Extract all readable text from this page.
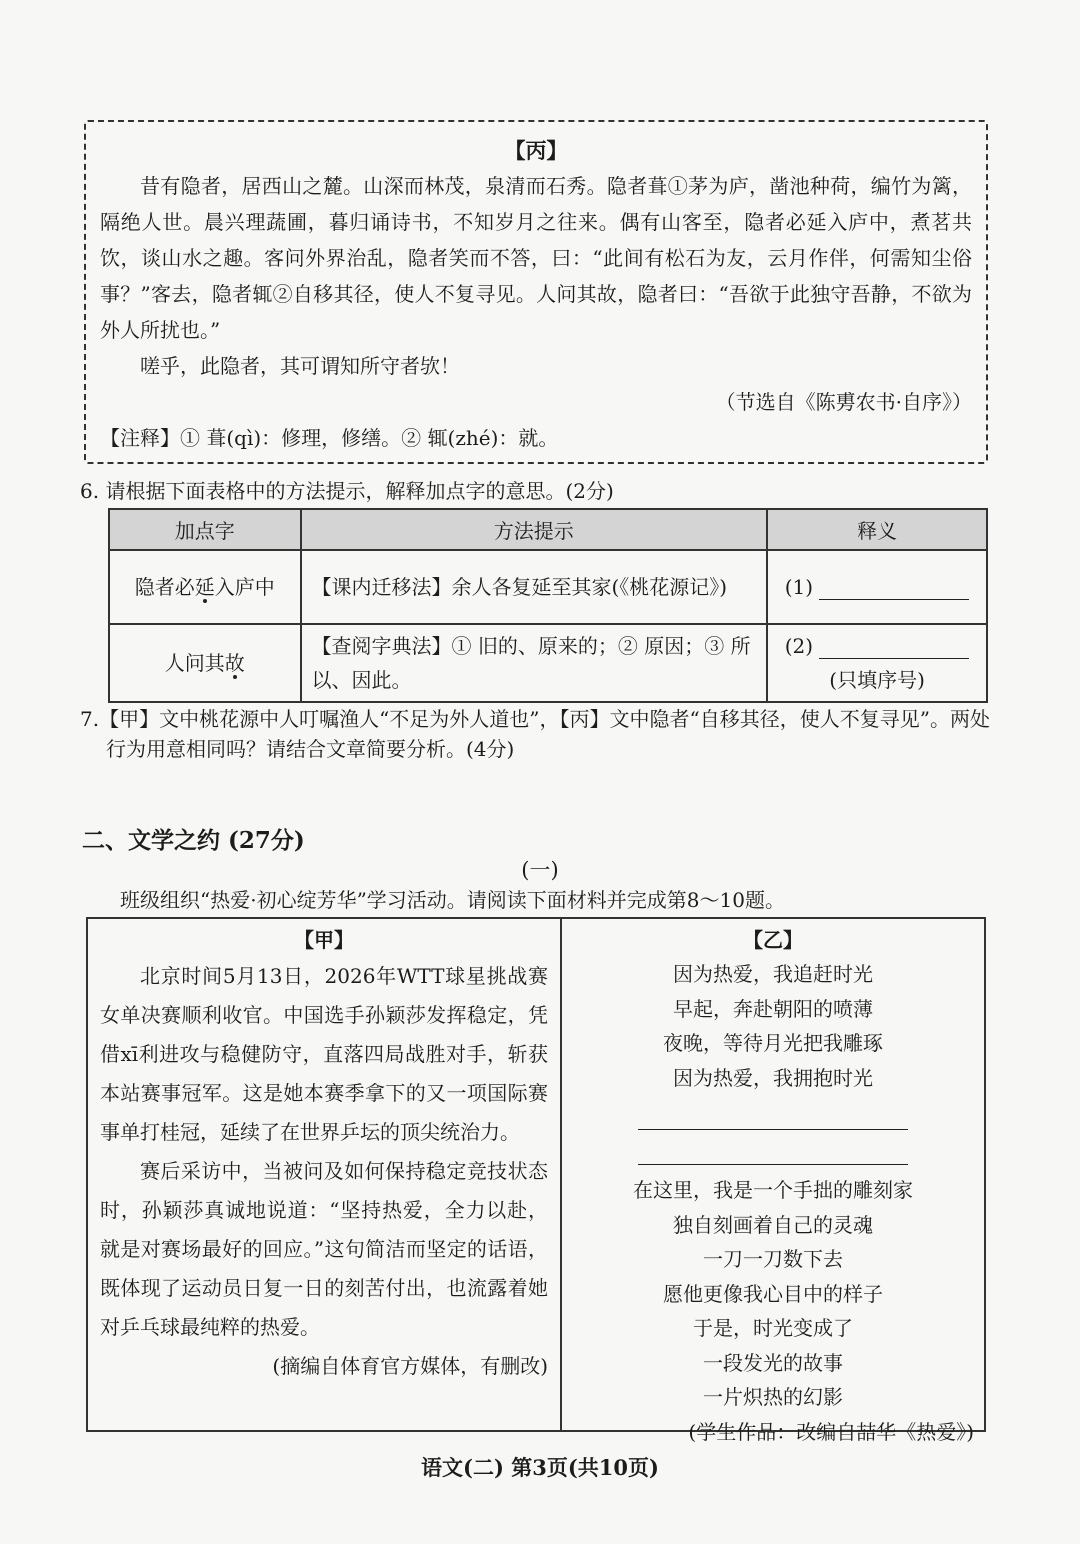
【丙】

昔有隐者，居西山之麓。山深而林茂，泉清而石秀。隐者葺①茅为庐，凿池种荷，编竹为篱，隔绝人世。晨兴理蔬圃，暮归诵诗书，不知岁月之往来。偶有山客至，隐者必延入庐中，煮茗共饮，谈山水之趣。客问外界治乱，隐者笑而不答，曰：“此间有松石为友，云月作伴，何需知尘俗事？”客去，隐者辄②自移其径，使人不复寻见。人问其故，隐者曰：“吾欲于此独守吾静，不欲为外人所扰也。”

嗟乎，此隐者，其可谓知所守者欤！

（节选自《陈旉农书·自序》）

【注释】① 葺(qì)：修理，修缮。② 辄(zhé)：就。

6. 请根据下面表格中的方法提示，解释加点字的意思。(2分)
加点字	方法提示	释义
隐者必延入庐中	【课内迁移法】余人各复延至其家(《桃花源记》)	(1)
人问其故	【查阅字典法】① 旧的、原来的；② 原因；③ 所以、因此。	(2)
(只填序号)
7.【甲】文中桃花源中人叮嘱渔人“不足为外人道也”，【丙】文中隐者“自移其径，使人不复寻见”。两处行为用意相同吗？请结合文章简要分析。(4分)
二、文学之约 (27分)
(一)
班级组织“热爱·初心绽芳华”学习活动。请阅读下面材料并完成第8～10题。
【甲】

北京时间5月13日，2026年WTT球星挑战赛女单决赛顺利收官。中国选手孙颖莎发挥稳定，凭借xī利进攻与稳健防守，直落四局战胜对手，斩获本站赛事冠军。这是她本赛季拿下的又一项国际赛事单打桂冠，延续了在世界乒坛的顶尖统治力。

赛后采访中，当被问及如何保持稳定竞技状态时，孙颖莎真诚地说道：“坚持热爱，全力以赴，就是对赛场最好的回应。”这句简洁而坚定的话语，既体现了运动员日复一日的刻苦付出，也流露着她对乒乓球最纯粹的热爱。

(摘编自体育官方媒体，有删改)

【乙】

因为热爱，我追赶时光
早起，奔赴朝阳的喷薄
夜晚，等待月光把我雕琢
因为热爱，我拥抱时光

在这里，我是一个手拙的雕刻家
独自刻画着自己的灵魂
一刀一刀数下去
愿他更像我心目中的样子
于是，时光变成了
一段发光的故事
一片炽热的幻影

(学生作品：改编自喆华《热爱》)

语文(二) 第3页(共10页)
